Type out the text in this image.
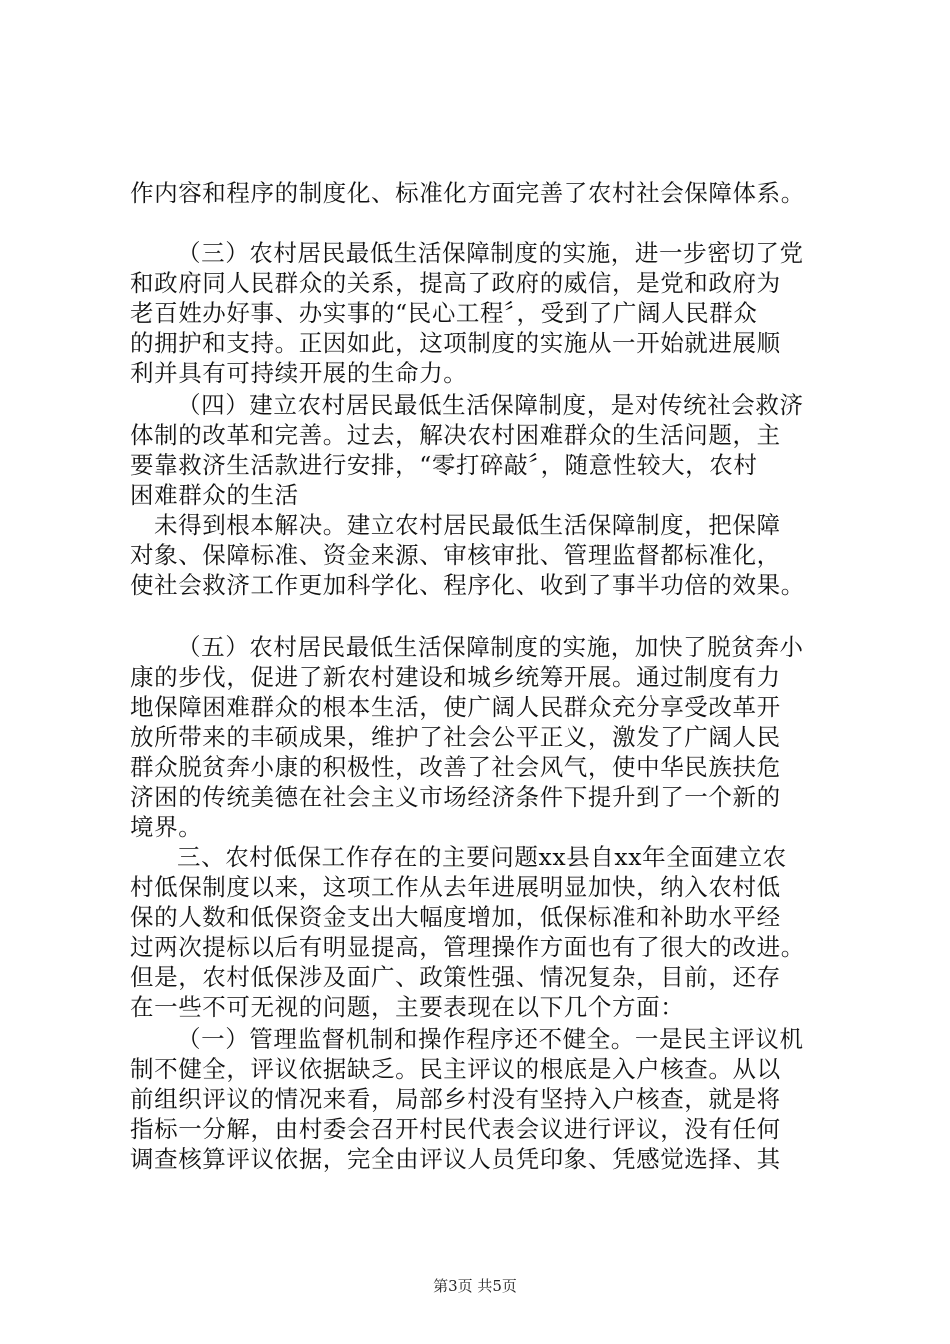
作内容和程序的制度化、标准化方面完善了农村社会保障体系。
（三）农村居民最低生活保障制度的实施，进一步密切了党
和政府同人民群众的关系，提高了政府的威信，是党和政府为
老百姓办好事、办实事的“民心工程〞，受到了广阔人民群众
的拥护和支持。正因如此，这项制度的实施从一开始就进展顺
利并具有可持续开展的生命力。
（四）建立农村居民最低生活保障制度，是对传统社会救济
体制的改革和完善。过去，解决农村困难群众的生活问题，主
要靠救济生活款进行安排，“零打碎敲〞，随意性较大，农村
困难群众的生活
未得到根本解决。建立农村居民最低生活保障制度，把保障
对象、保障标准、资金来源、审核审批、管理监督都标准化，
使社会救济工作更加科学化、程序化、收到了事半功倍的效果。
（五）农村居民最低生活保障制度的实施，加快了脱贫奔小
康的步伐，促进了新农村建设和城乡统筹开展。通过制度有力
地保障困难群众的根本生活，使广阔人民群众充分享受改革开
放所带来的丰硕成果，维护了社会公平正义，激发了广阔人民
群众脱贫奔小康的积极性，改善了社会风气，使中华民族扶危
济困的传统美德在社会主义市场经济条件下提升到了一个新的
境界。
三、农村低保工作存在的主要问题xx县自xx年全面建立农
村低保制度以来，这项工作从去年进展明显加快，纳入农村低
保的人数和低保资金支出大幅度增加，低保标准和补助水平经
过两次提标以后有明显提高，管理操作方面也有了很大的改进。
但是，农村低保涉及面广、政策性强、情况复杂，目前，还存
在一些不可无视的问题，主要表现在以下几个方面：
（一）管理监督机制和操作程序还不健全。一是民主评议机
制不健全，评议依据缺乏。民主评议的根底是入户核查。从以
前组织评议的情况来看，局部乡村没有坚持入户核查，就是将
指标一分解，由村委会召开村民代表会议进行评议，没有任何
调查核算评议依据，完全由评议人员凭印象、凭感觉选择、其
第3页 共5页
